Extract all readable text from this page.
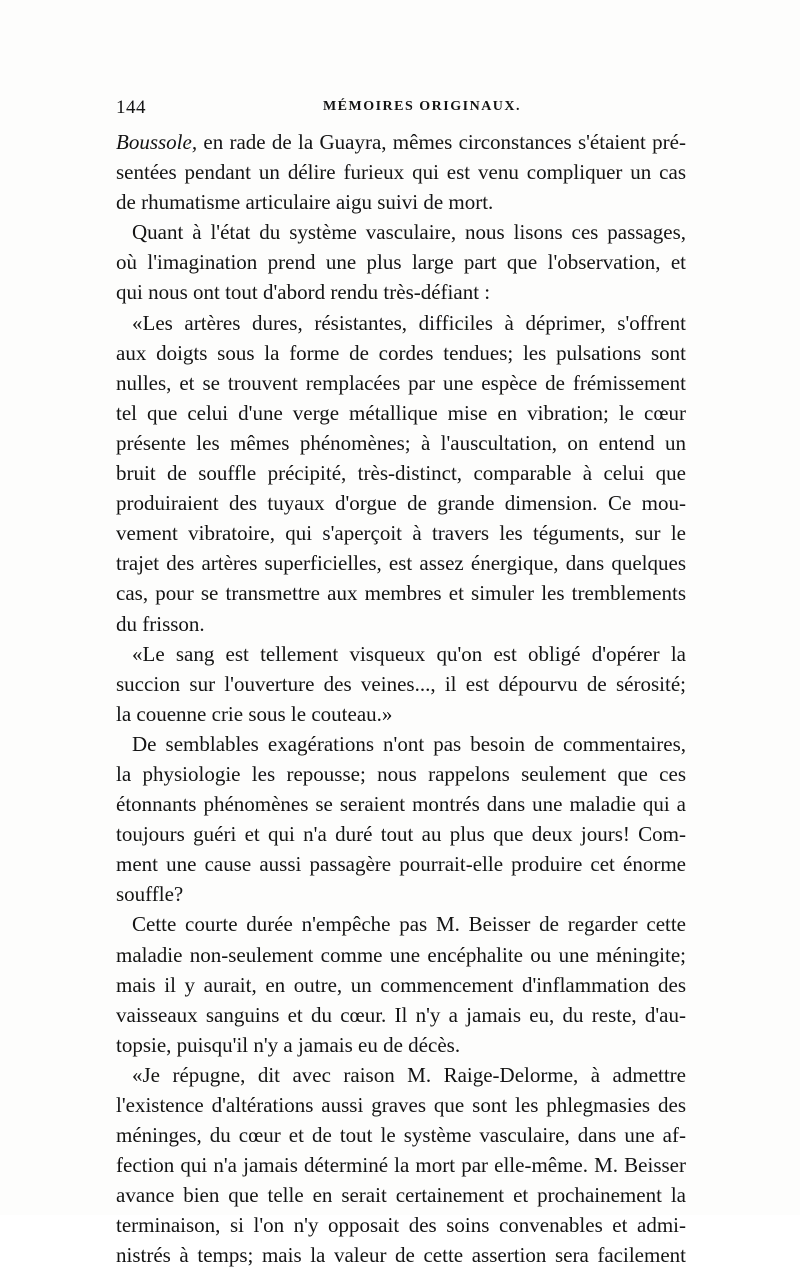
144	MÉMOIRES ORIGINAUX.
Boussole, en rade de la Guayra, mêmes circonstances s'étaient pré-
sentées pendant un délire furieux qui est venu compliquer un cas
de rhumatisme articulaire aigu suivi de mort.
Quant à l'état du système vasculaire, nous lisons ces passages,
où l'imagination prend une plus large part que l'observation, et
qui nous ont tout d'abord rendu très-défiant :
«Les artères dures, résistantes, difficiles à déprimer, s'offrent
aux doigts sous la forme de cordes tendues; les pulsations sont
nulles, et se trouvent remplacées par une espèce de frémissement
tel que celui d'une verge métallique mise en vibration; le cœur
présente les mêmes phénomènes; à l'auscultation, on entend un
bruit de souffle précipité, très-distinct, comparable à celui que
produiraient des tuyaux d'orgue de grande dimension. Ce mou-
vement vibratoire, qui s'aperçoit à travers les téguments, sur le
trajet des artères superficielles, est assez énergique, dans quelques
cas, pour se transmettre aux membres et simuler les tremblements
du frisson.
«Le sang est tellement visqueux qu'on est obligé d'opérer la
succion sur l'ouverture des veines..., il est dépourvu de sérosité;
la couenne crie sous le couteau.»
De semblables exagérations n'ont pas besoin de commentaires,
la physiologie les repousse; nous rappelons seulement que ces
étonnants phénomènes se seraient montrés dans une maladie qui a
toujours guéri et qui n'a duré tout au plus que deux jours! Com-
ment une cause aussi passagère pourrait-elle produire cet énorme
souffle?
Cette courte durée n'empêche pas M. Beisser de regarder cette
maladie non-seulement comme une encéphalite ou une méningite;
mais il y aurait, en outre, un commencement d'inflammation des
vaisseaux sanguins et du cœur. Il n'y a jamais eu, du reste, d'au-
topsie, puisqu'il n'y a jamais eu de décès.
«Je répugne, dit avec raison M. Raige-Delorme, à admettre
l'existence d'altérations aussi graves que sont les phlegmasies des
méninges, du cœur et de tout le système vasculaire, dans une af-
fection qui n'a jamais déterminé la mort par elle-même. M. Beisser
avance bien que telle en serait certainement et prochainement la
terminaison, si l'on n'y opposait des soins convenables et admi-
nistrés à temps; mais la valeur de cette assertion sera facilement
